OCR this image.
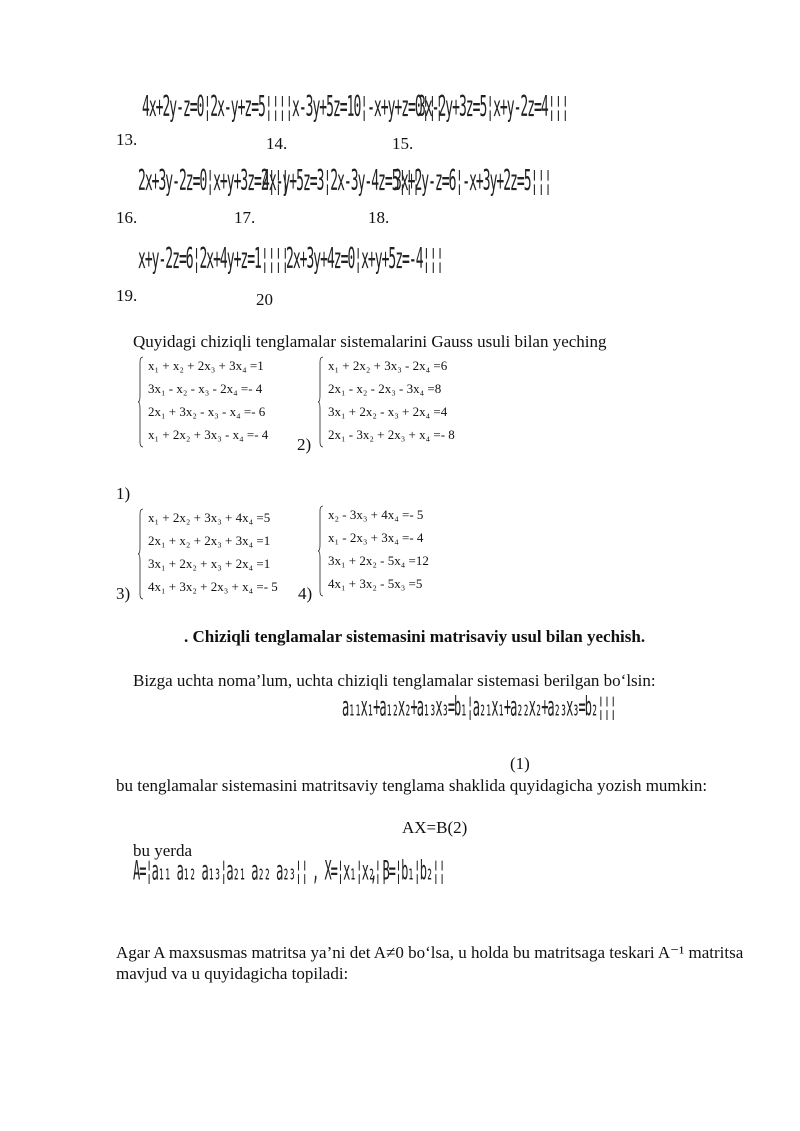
13.
4x+2y-z=0¦2x-y+z=5¦¦¦¦
14.
x-3y+5z=10¦-x+y+z=0¦¦¦
15.
3x-2y+3z=5¦x+y-2z=4¦¦¦
16.
2x+3y-2z=0¦x+y+3z=2¦¦¦
17.
4x-y+5z=3¦2x-3y-4z=5¦¦¦
18.
3x+2y-z=6¦-x+3y+2z=5¦¦¦
19.
x+y-2z=6¦2x+4y+z=1¦¦¦¦
20
2x+3y+4z=0¦x+y+5z=-4¦¦¦
Quyidagi chiziqli tenglamalar sistemalarini Gauss usuli bilan yeching
x₁ + x₂ + 2x₃ + 3x₄ =1
3x₁ - x₂ - x₃ - 2x₄ =- 4
2x₁ + 3x₂ - x₃ - x₄ =- 6
x₁ + 2x₂ + 3x₃ - x₄ =- 4
2)
x₁ + 2x₂ + 3x₃ - 2x₄ =6
2x₁ - x₂ - 2x₃ - 3x₄ =8
3x₁ + 2x₂ - x₃ + 2x₄ =4
2x₁ - 3x₂ + 2x₃ + x₄ =- 8
1)
x₁ + 2x₂ + 3x₃ + 4x₄ =5
2x₁ + x₂ + 2x₃ + 3x₄ =1
3x₁ + 2x₂ + x₃ + 2x₄ =1
4x₁ + 3x₂ + 2x₃ + x₄ =- 5
3)	4)
x₂ - 3x₃ + 4x₄ =- 5
x₁ - 2x₃ + 3x₄ =- 4
3x₁ + 2x₂ - 5x₄ =12
4x₁ + 3x₂ - 5x₃ =5
. Chiziqli tenglamalar sistemasini matrisaviy usul bilan yechish.
Bizga uchta noma’lum, uchta chiziqli tenglamalar sistemasi berilgan bo‘lsin:
a₁₁x₁+a₁₂x₂+a₁₃x₃=b₁¦a₂₁x₁+a₂₂x₂+a₂₃x₃=b₂¦¦¦
(1)
bu tenglamalar sistemasini matritsaviy tenglama shaklida quyidagicha yozish mumkin:
AX=B(2)
bu yerda
A=¦a₁₁ a₁₂ a₁₃¦a₂₁ a₂₂ a₂₃¦¦ , X=¦x₁¦x₂¦¦
, B=¦b₁¦b₂¦¦
Agar A maxsusmas matritsa ya’ni det A≠0 bo‘lsa, u holda bu matritsaga teskari A⁻¹ matritsa mavjud va u quyidagicha topiladi:
